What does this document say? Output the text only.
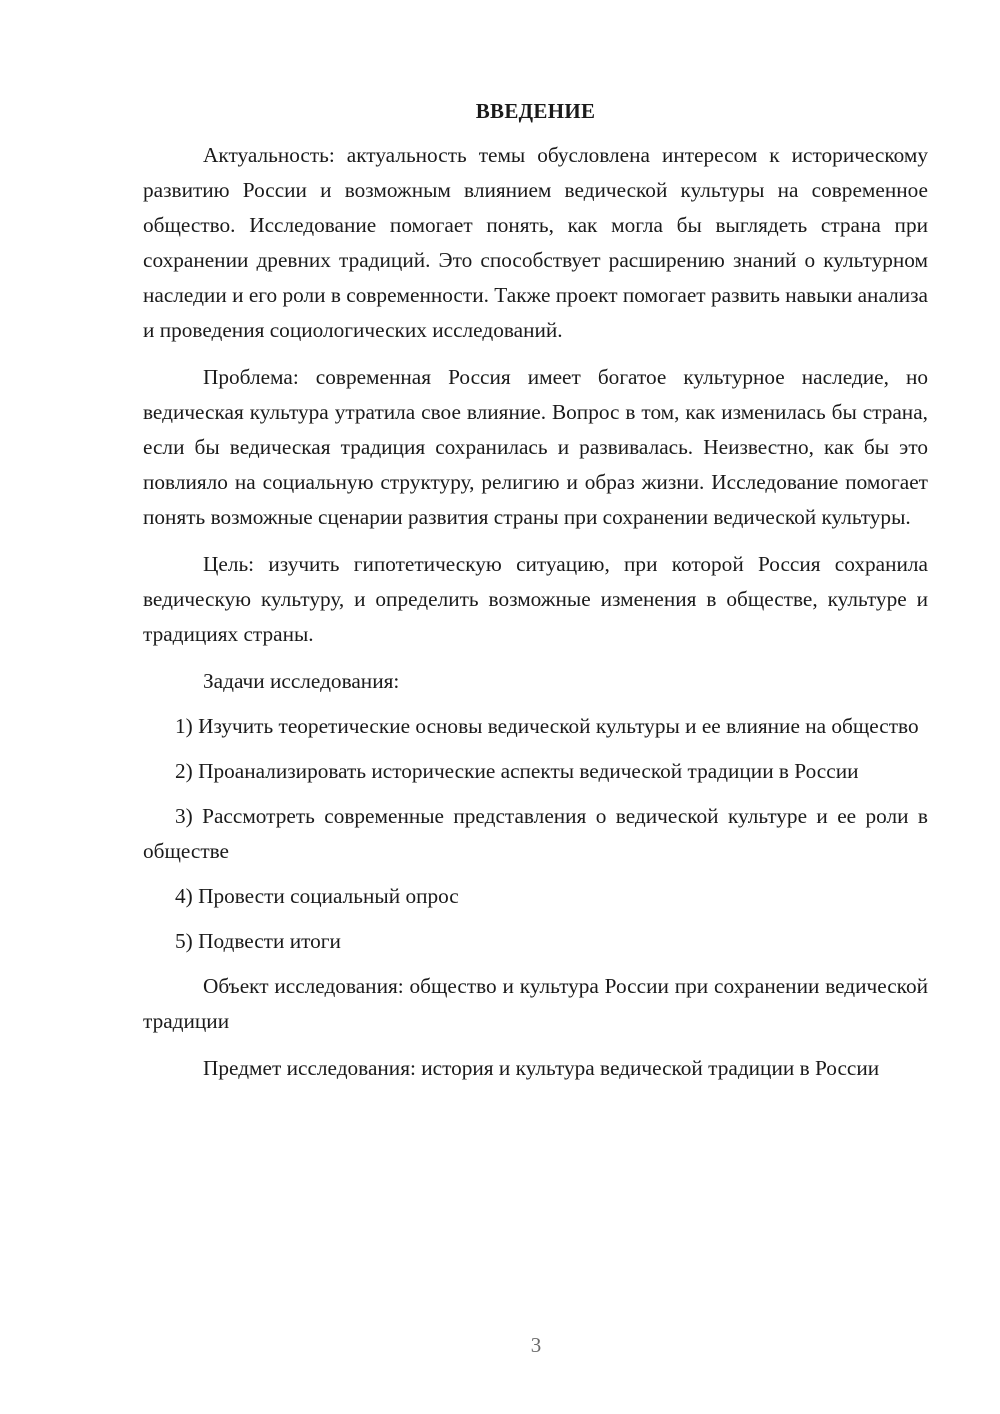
ВВЕДЕНИЕ

Актуальность: актуальность темы обусловлена интересом к историческому развитию России и возможным влиянием ведической культуры на современное общество. Исследование помогает понять, как могла бы выглядеть страна при сохранении древних традиций. Это способствует расширению знаний о культурном наследии и его роли в современности. Также проект помогает развить навыки анализа и проведения социологических исследований.

Проблема: современная Россия имеет богатое культурное наследие, но ведическая культура утратила свое влияние. Вопрос в том, как изменилась бы страна, если бы ведическая традиция сохранилась и развивалась. Неизвестно, как бы это повлияло на социальную структуру, религию и образ жизни. Исследование помогает понять возможные сценарии развития страны при сохранении ведической культуры.

Цель: изучить гипотетическую ситуацию, при которой Россия сохранила ведическую культуру, и определить возможные изменения в обществе, культуре и традициях страны.

Задачи исследования:

1) Изучить теоретические основы ведической культуры и ее влияние на общество

2) Проанализировать исторические аспекты ведической традиции в России

3) Рассмотреть современные представления о ведической культуре и ее роли в обществе

4) Провести социальный опрос

5) Подвести итоги

Объект исследования: общество и культура России при сохранении ведической традиции

Предмет исследования: история и культура ведической традиции в России

3
